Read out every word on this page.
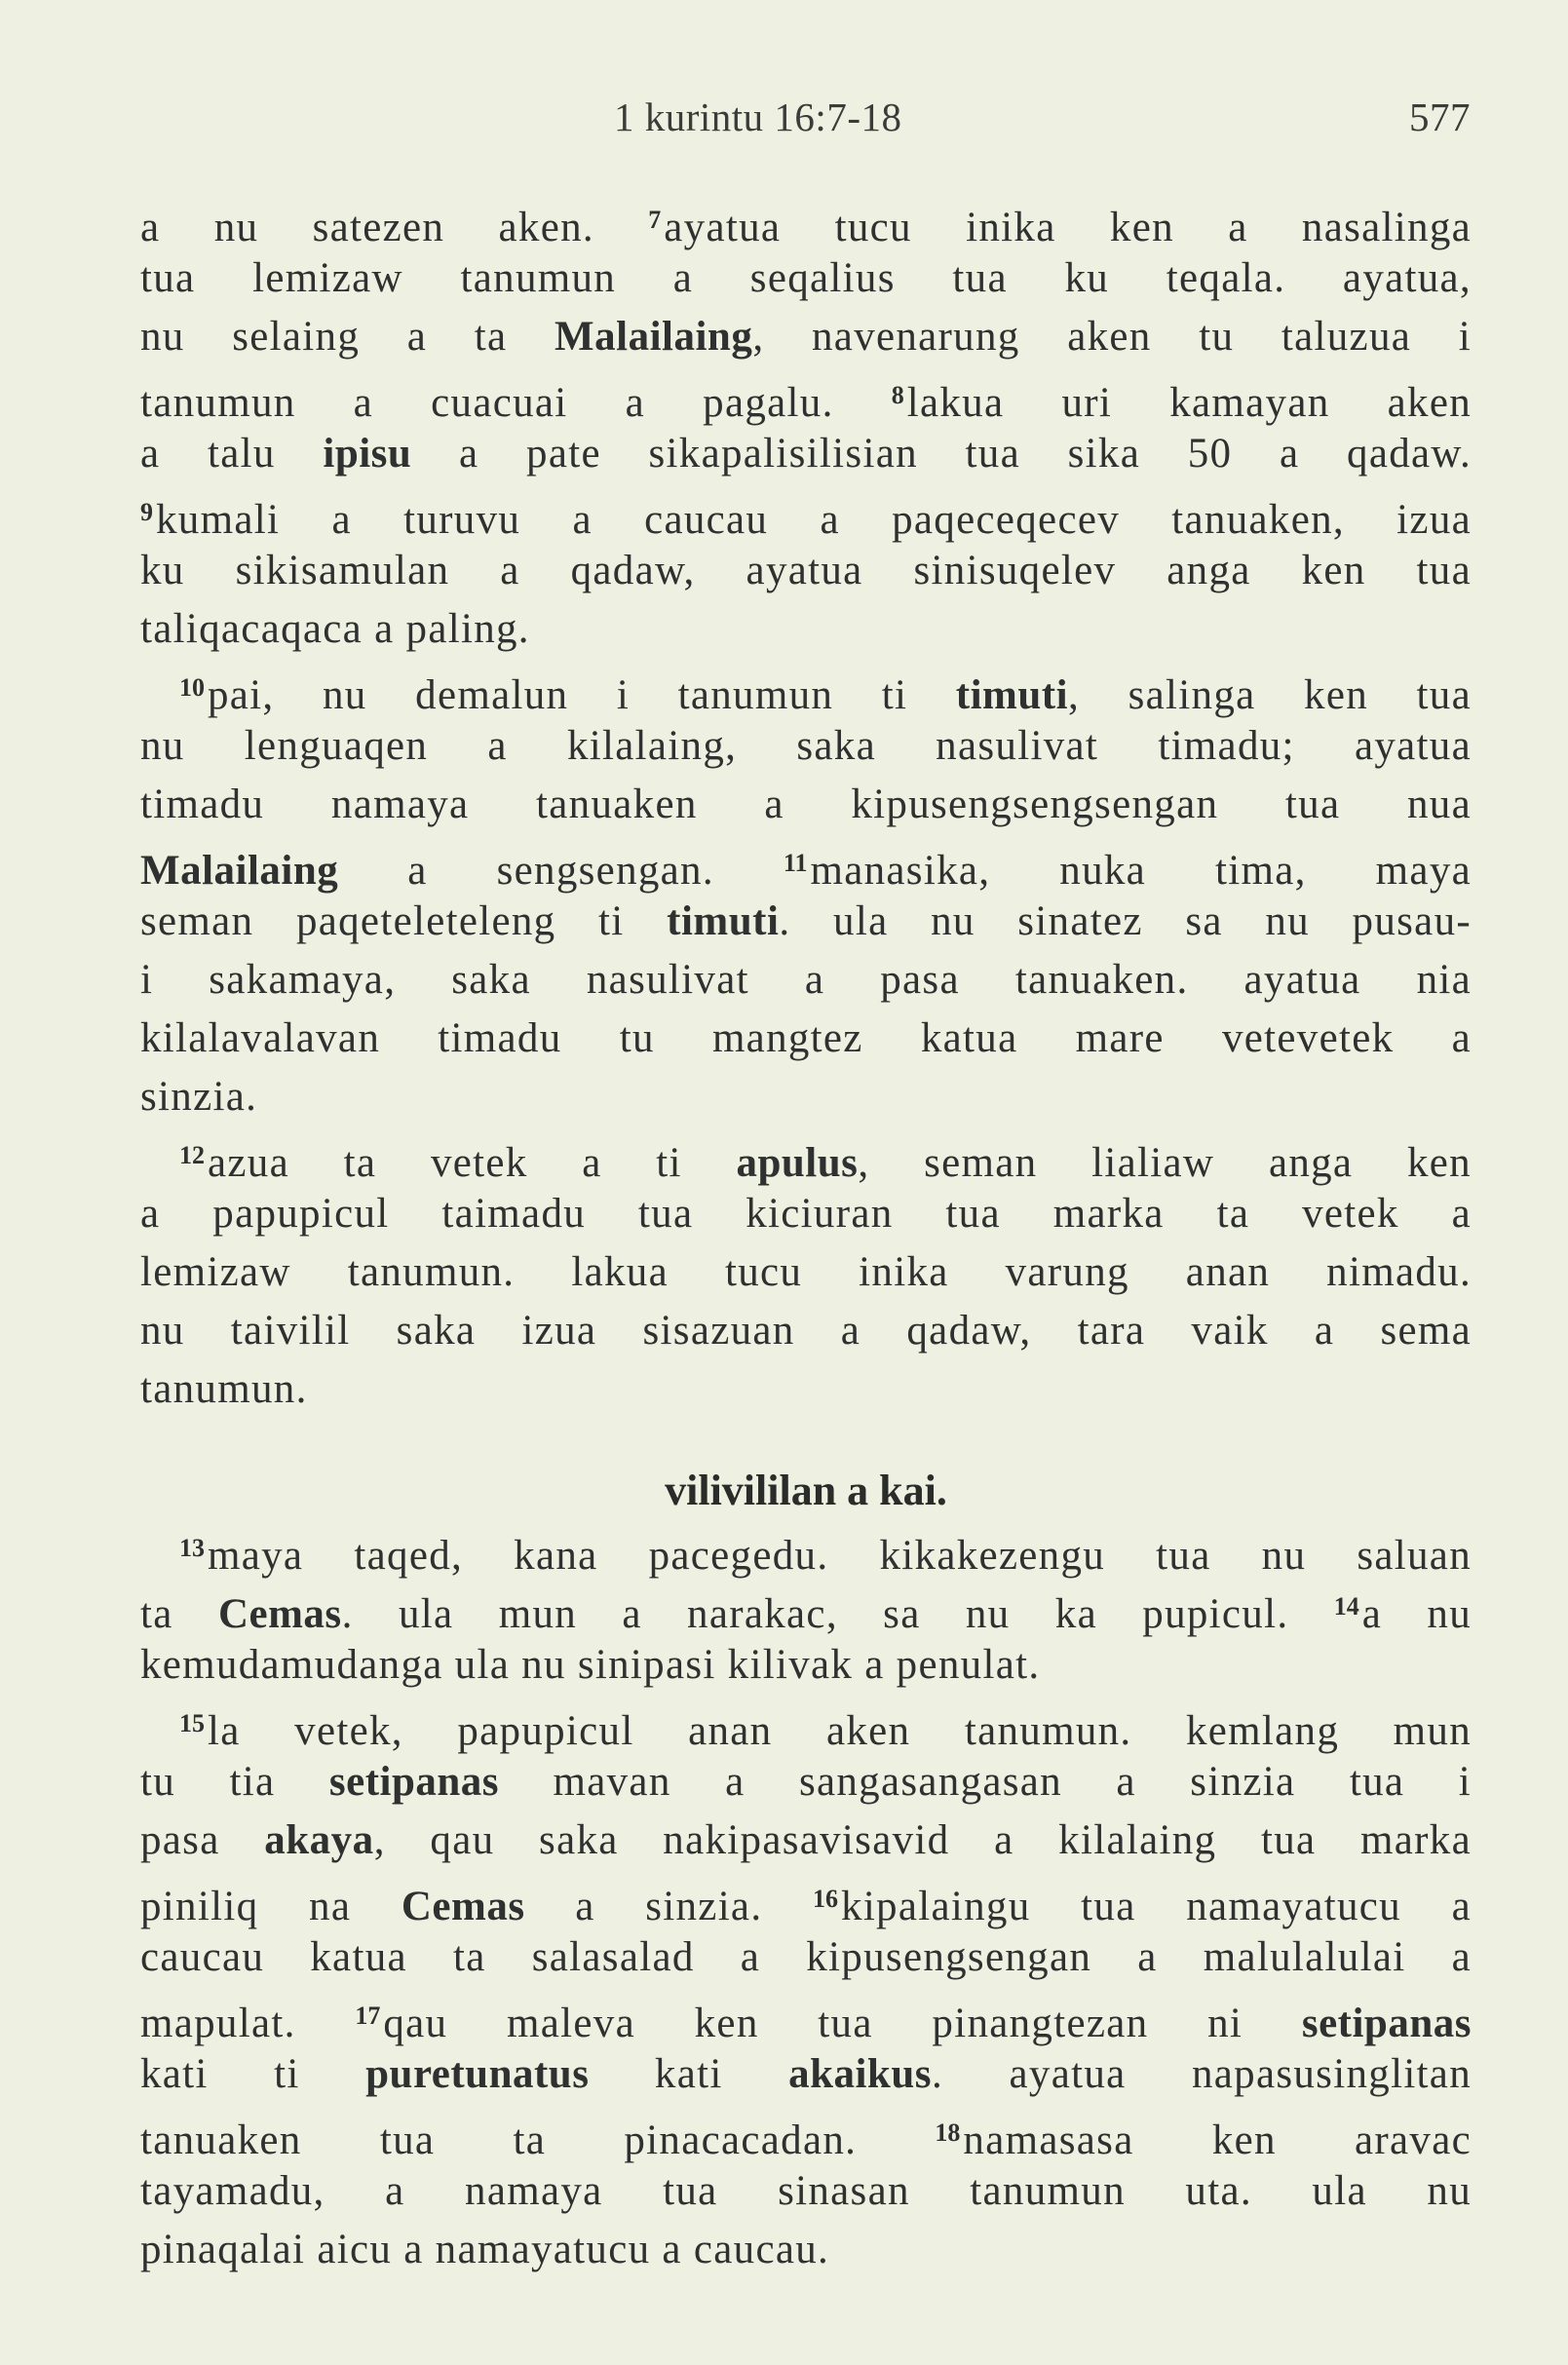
1 kurintu 16:7-18	577
a nu satezen aken. $^7$ayatua tucu inika ken a nasalinga
tua lemizaw tanumun a seqalius tua ku teqala. ayatua,
nu selaing a ta Malailaing, navenarung aken tu taluzua i
tanumun a cuacuai a pagalu. $^8$lakua uri kamayan aken
a talu ipisu a pate sikapalisilisian tua sika 50 a qadaw.
$^9$kumali a turuvu a caucau a paqeceqecev tanuaken, izua
ku sikisamulan a qadaw, ayatua sinisuqelev anga ken tua
taliqacaqaca a paling.
$^{10}$pai, nu demalun i tanumun ti timuti, salinga ken tua
nu lenguaqen a kilalaing, saka nasulivat timadu; ayatua
timadu namaya tanuaken a kipusengsengsengan tua nua
Malailaing a sengsengan. $^{11}$manasika, nuka tima, maya
seman paqeteleteleng ti timuti. ula nu sinatez sa nu pusau-
i sakamaya, saka nasulivat a pasa tanuaken. ayatua nia
kilalavalavan timadu tu mangtez katua mare vetevetek a
sinzia.
$^{12}$azua ta vetek a ti apulus, seman lialiaw anga ken
a papupicul taimadu tua kiciuran tua marka ta vetek a
lemizaw tanumun. lakua tucu inika varung anan nimadu.
nu taivilil saka izua sisazuan a qadaw, tara vaik a sema
tanumun.
vilivililan a kai.
$^{13}$maya taqed, kana pacegedu. kikakezengu tua nu saluan
ta Cemas. ula mun a narakac, sa nu ka pupicul. $^{14}$a nu
kemudamudanga ula nu sinipasi kilivak a penulat.
$^{15}$la vetek, papupicul anan aken tanumun. kemlang mun
tu tia setipanas mavan a sangasangasan a sinzia tua i
pasa akaya, qau saka nakipasavisavid a kilalaing tua marka
piniliq na Cemas a sinzia. $^{16}$kipalaingu tua namayatucu a
caucau katua ta salasalad a kipusengsengan a malulalulai a
mapulat. $^{17}$qau maleva ken tua pinangtezan ni setipanas
kati ti puretunatus kati akaikus. ayatua napasusinglitan
tanuaken tua ta pinacacadan. $^{18}$namasasa ken aravac
tayamadu, a namaya tua sinasan tanumun uta. ula nu
pinaqalai aicu a namayatucu a caucau.
